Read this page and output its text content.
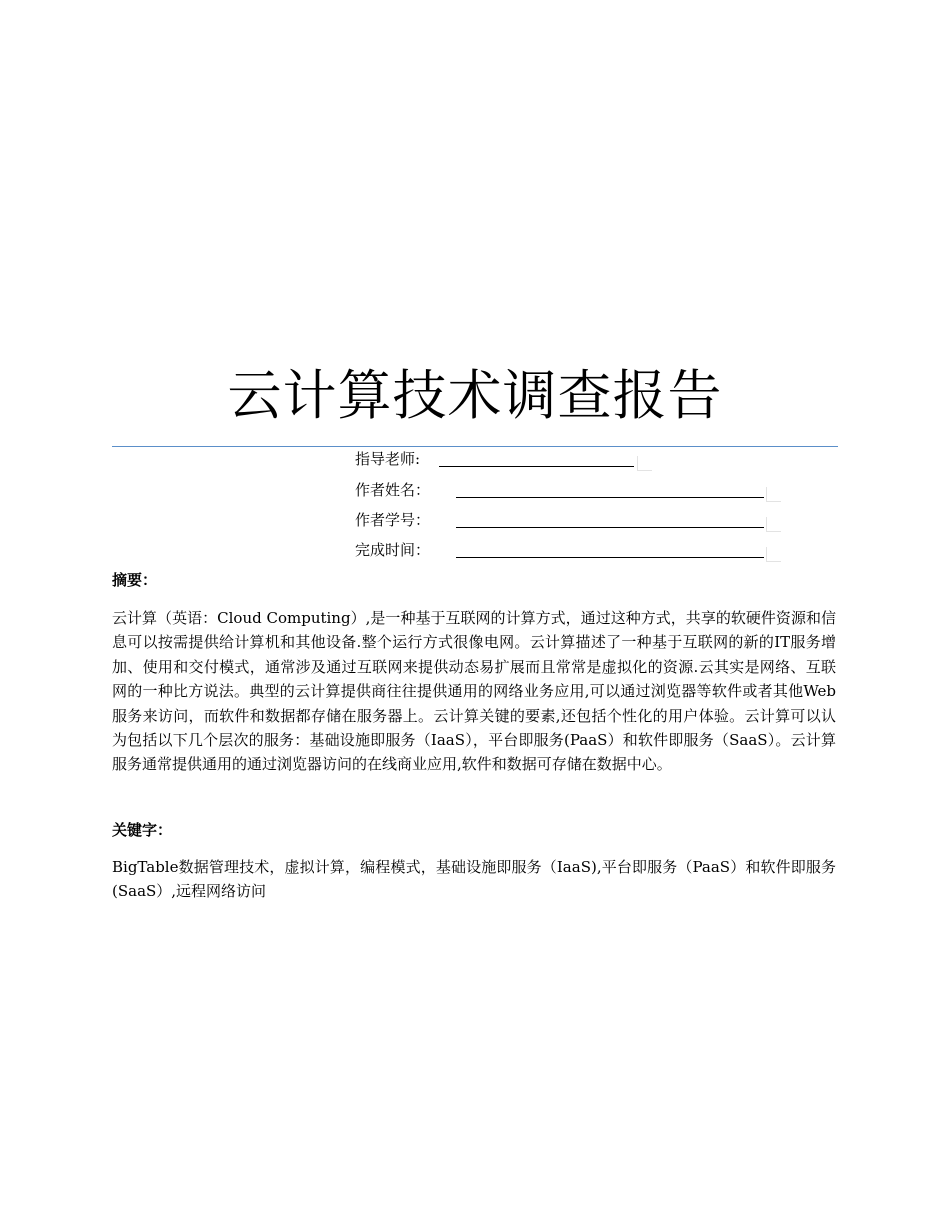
云计算技术调查报告
指导老师:
作者姓名：
作者学号：
完成时间：
摘要：

云计算（英语：Cloud Computing）,是一种基于互联网的计算方式，通过这种方式，共享的软硬件资源和信息可以按需提供给计算机和其他设备.整个运行方式很像电网。云计算描述了一种基于互联网的新的IT服务增加、使用和交付模式，通常涉及通过互联网来提供动态易扩展而且常常是虚拟化的资源.云其实是网络、互联网的一种比方说法。典型的云计算提供商往往提供通用的网络业务应用,可以通过浏览器等软件或者其他Web服务来访问，而软件和数据都存储在服务器上。云计算关键的要素,还包括个性化的用户体验。云计算可以认为包括以下几个层次的服务：基础设施即服务（IaaS），平台即服务(PaaS）和软件即服务（SaaS）。云计算服务通常提供通用的通过浏览器访问的在线商业应用,软件和数据可存储在数据中心。

关键字：

BigTable数据管理技术，虚拟计算，编程模式，基础设施即服务（IaaS),平台即服务（PaaS）和软件即服务(SaaS）,远程网络访问
